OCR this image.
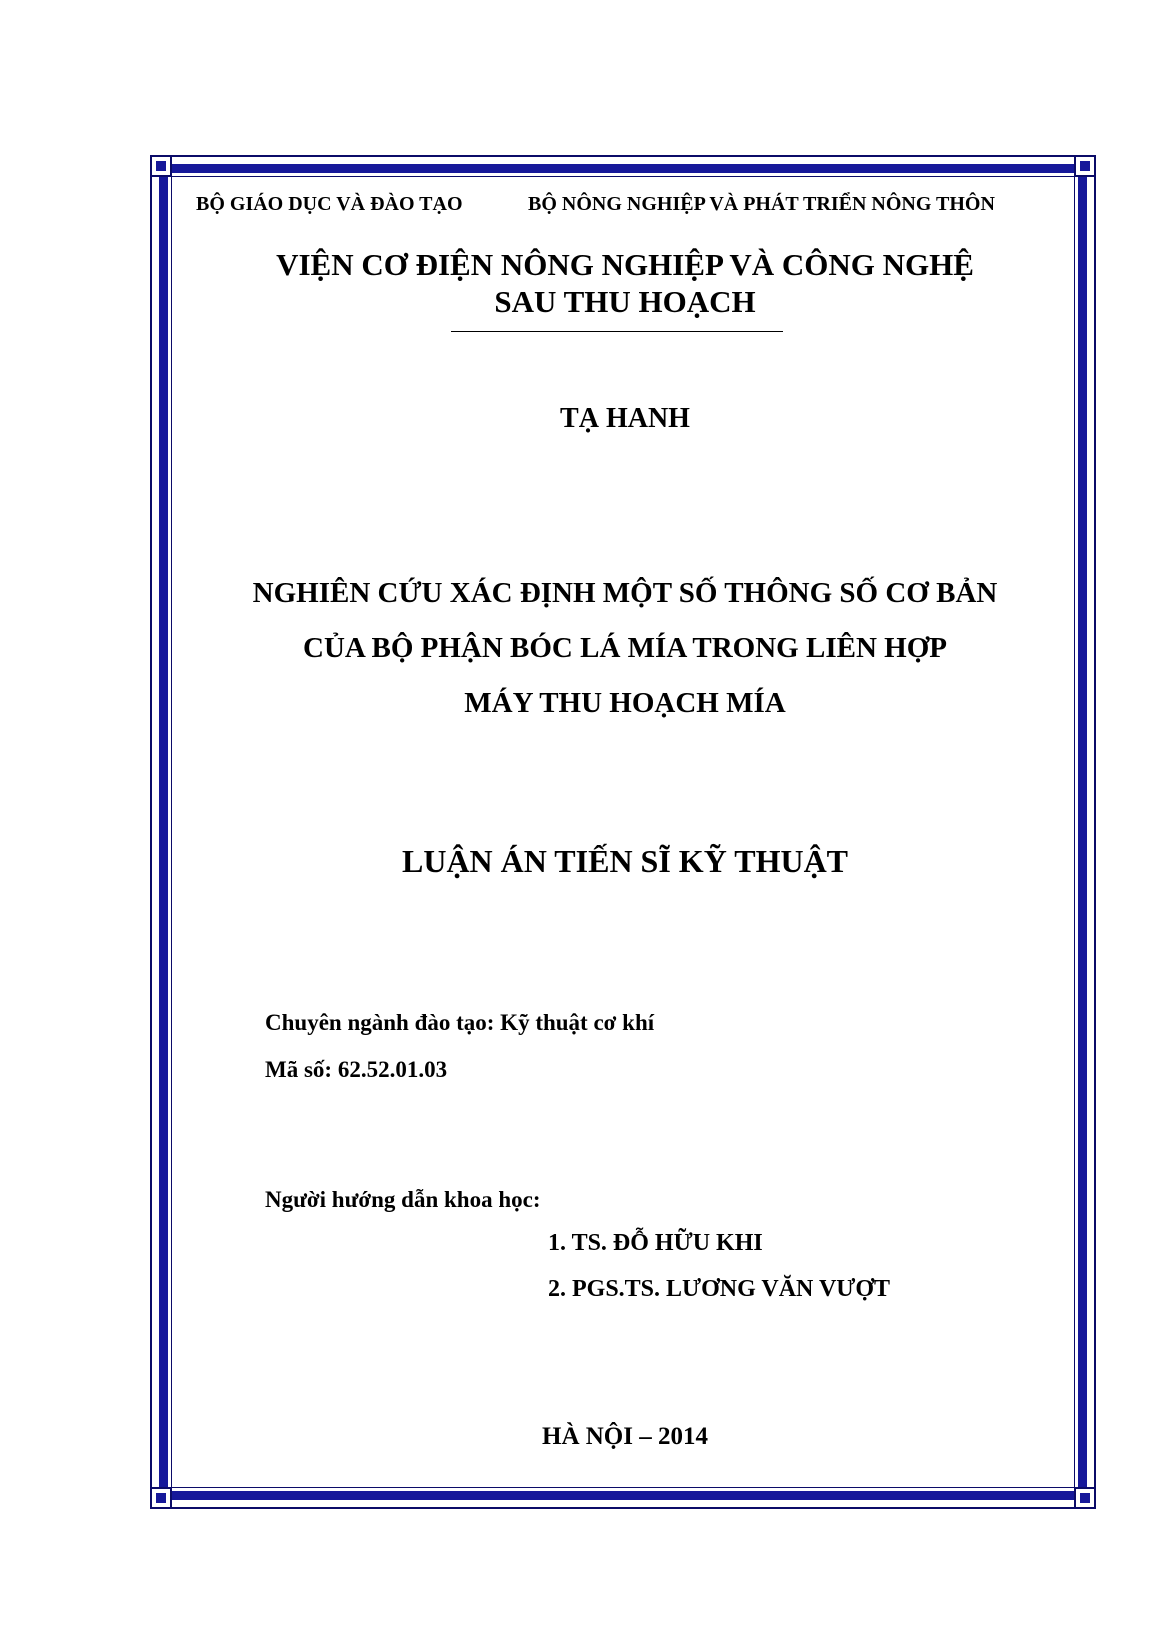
BỘ GIÁO DỤC VÀ ĐÀO TẠO	BỘ NÔNG NGHIỆP VÀ PHÁT TRIỂN NÔNG THÔN
VIỆN CƠ ĐIỆN NÔNG NGHIỆP VÀ CÔNG NGHỆ
SAU THU HOẠCH
TẠ HANH
NGHIÊN CỨU XÁC ĐỊNH MỘT SỐ THÔNG SỐ CƠ BẢN
CỦA BỘ PHẬN BÓC LÁ MÍA TRONG LIÊN HỢP
MÁY THU HOẠCH MÍA
LUẬN ÁN TIẾN SĨ KỸ THUẬT
Chuyên ngành đào tạo: Kỹ thuật cơ khí
Mã số: 62.52.01.03
Người hướng dẫn khoa học:
1. TS. ĐỖ HỮU KHI
2. PGS.TS. LƯƠNG VĂN VƯỢT
HÀ NỘI – 2014
